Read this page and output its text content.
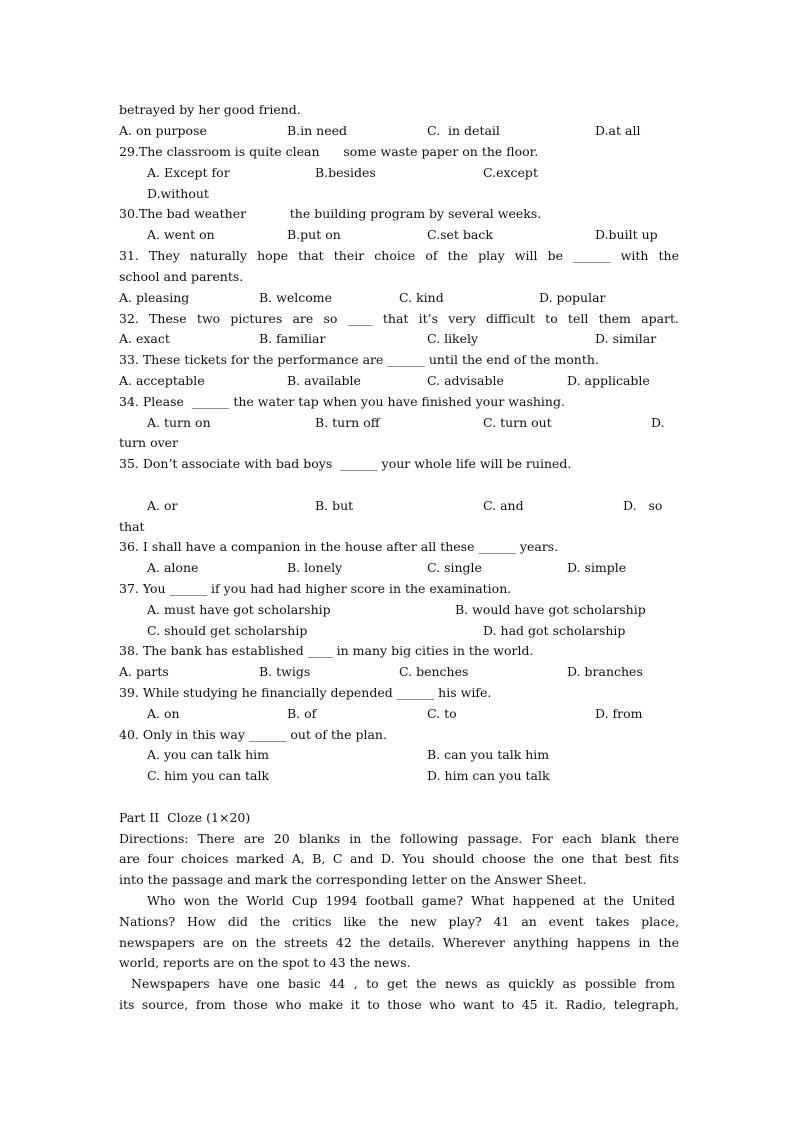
betrayed by her good friend.

A. on purpose

	B.in need

	C.  in detail

	D.at all

29.The classroom is quite clean      some waste paper on the floor.

A. Except for

	B.besides

	C.except

D.without
30.The bad weather           the building program by several weeks.

A. went on

	B.put on

	C.set back

	D.built up

31. They naturally hope that their choice of the play will be ______ with the
school and parents.

A. pleasing

	B. welcome

	C. kind

	D. popular

32. These two pictures are so ____ that it’s very difficult to tell them apart.

A. exact

	B. familiar

	C. likely

	D. similar

33. These tickets for the performance are ______ until the end of the month.

A. acceptable

	B. available

	C. advisable

	D. applicable

34. Please  ______ the water tap when you have finished your washing.

A. turn on

	B. turn off

	C. turn out

	D.

turn over
35. Don’t associate with bad boys  ______ your whole life will be ruined.

A. or

	B. but

	C. and

	D.   so

that
36. I shall have a companion in the house after all these ______ years.

A. alone

	B. lonely

	C. single

	D. simple

37. You ______ if you had had higher score in the examination.

A. must have got scholarship

	B. would have got scholarship

C. should get scholarship

	D. had got scholarship

38. The bank has established ____ in many big cities in the world.

A. parts

	B. twigs

	C. benches

	D. branches

39. While studying he financially depended ______ his wife.

A. on

	B. of

	C. to

	D. from

40. Only in this way ______ out of the plan.

A. you can talk him

	B. can you talk him

C. him you can talk

	D. him can you talk

Part II  Cloze (1×20)
Directions: There are 20 blanks in the following passage. For each blank there
are four choices marked A, B, C and D. You should choose the one that best fits
into the passage and mark the corresponding letter on the Answer Sheet.
Who won the World Cup 1994 football game? What happened at the United
Nations? How did the critics like the new play? 41 an event takes place,
newspapers are on the streets 42 the details. Wherever anything happens in the
world, reports are on the spot to 43 the news.
Newspapers have one basic 44 , to get the news as quickly as possible from
its source, from those who make it to those who want to 45 it. Radio, telegraph,
